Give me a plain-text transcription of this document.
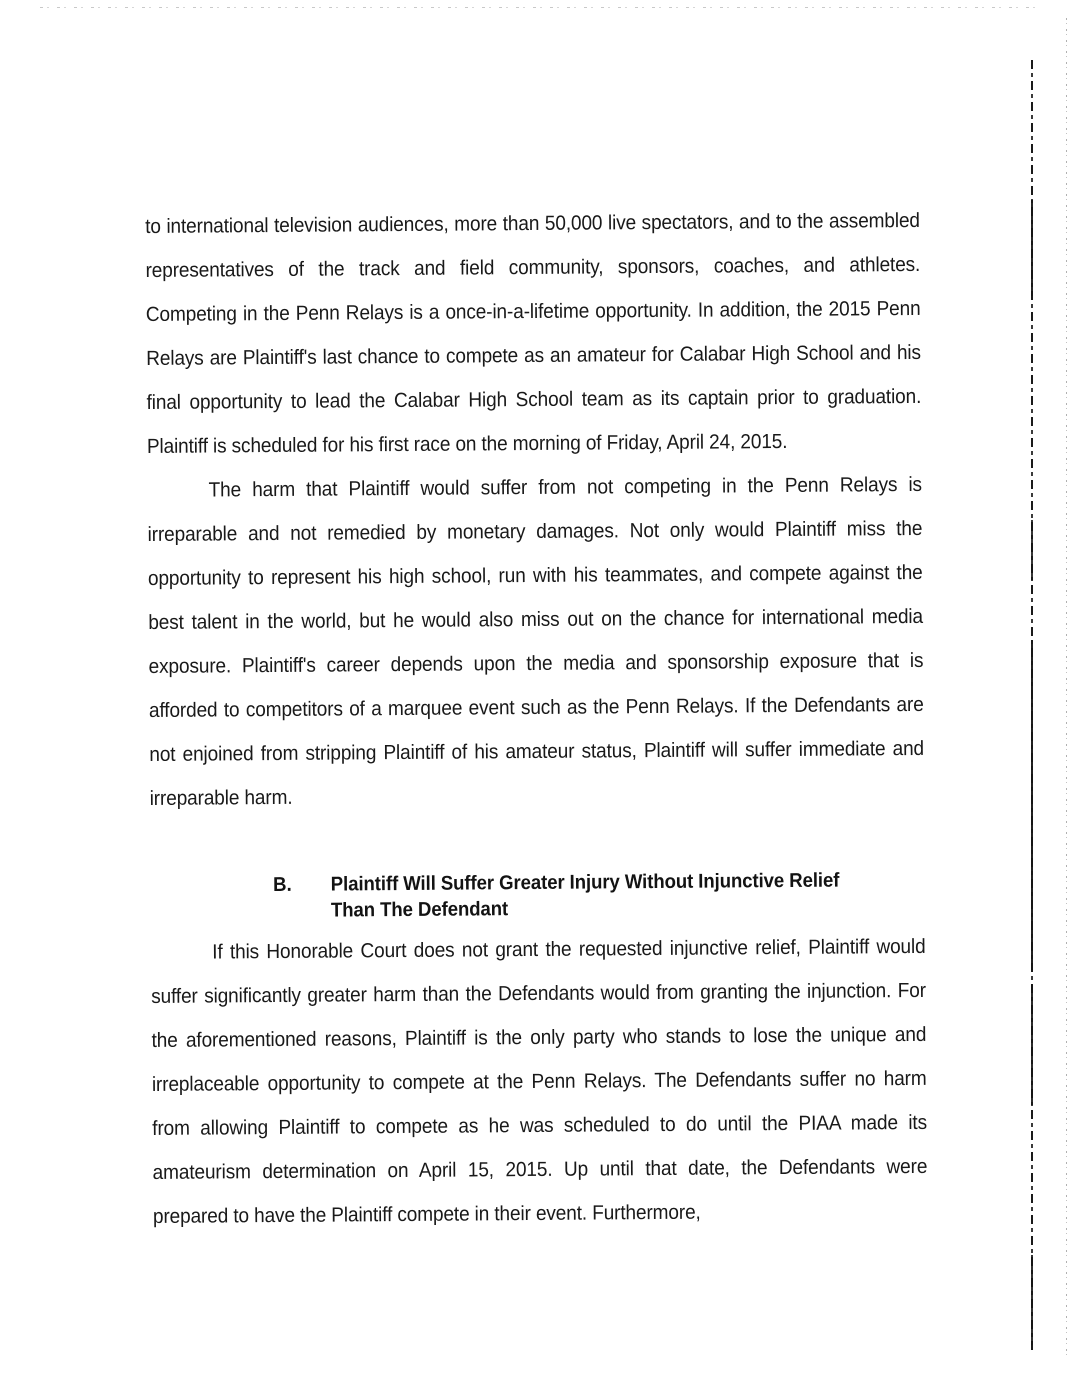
to international television audiences, more than 50,000 live spectators, and to the assembled representatives of the track and field community, sponsors, coaches, and athletes. Competing in the Penn Relays is a once-in-a-lifetime opportunity. In addition, the 2015 Penn Relays are Plaintiff's last chance to compete as an amateur for Calabar High School and his final opportunity to lead the Calabar High School team as its captain prior to graduation. Plaintiff is scheduled for his first race on the morning of Friday, April 24, 2015.

The harm that Plaintiff would suffer from not competing in the Penn Relays is irreparable and not remedied by monetary damages. Not only would Plaintiff miss the opportunity to represent his high school, run with his teammates, and compete against the best talent in the world, but he would also miss out on the chance for international media exposure. Plaintiff's career depends upon the media and sponsorship exposure that is afforded to competitors of a marquee event such as the Penn Relays. If the Defendants are not enjoined from stripping Plaintiff of his amateur status, Plaintiff will suffer immediate and irreparable harm.

B.	Plaintiff Will Suffer Greater Injury Without Injunctive Relief
Than The Defendant

If this Honorable Court does not grant the requested injunctive relief, Plaintiff would suffer significantly greater harm than the Defendants would from granting the injunction. For the aforementioned reasons, Plaintiff is the only party who stands to lose the unique and irreplaceable opportunity to compete at the Penn Relays. The Defendants suffer no harm from allowing Plaintiff to compete as he was scheduled to do until the PIAA made its amateurism determination on April 15, 2015. Up until that date, the Defendants were prepared to have the Plaintiff compete in their event. Furthermore,
